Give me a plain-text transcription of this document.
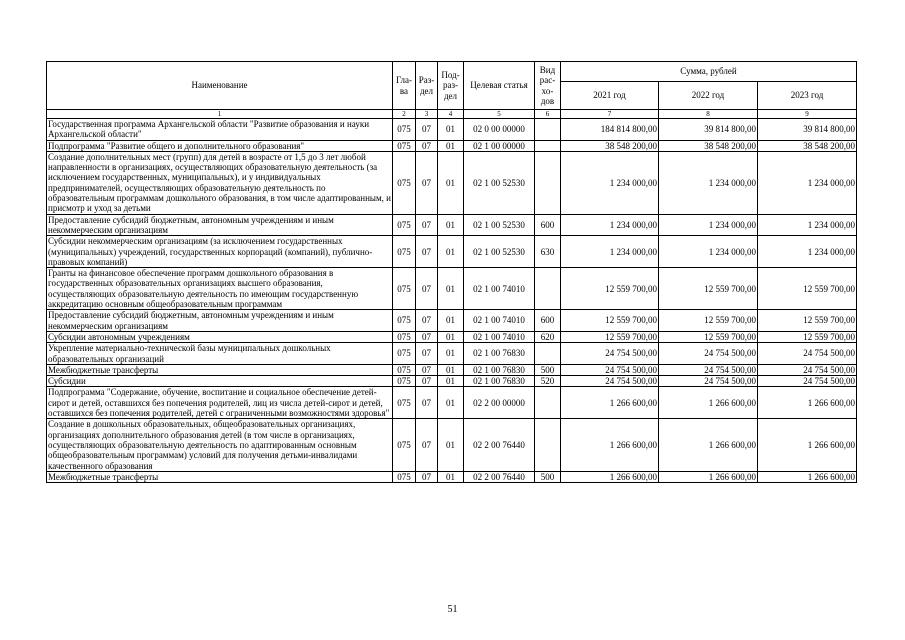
Наименование	Гла-ва	Раз-дел	Под-раз-дел	Целевая статья	Вид рас-хо-дов	Сумма, рублей		
						2021 год	2022 год	2023 год
1	2	3	4	5	6	7	8	9
Государственная программа Архангельской области "Развитие образования и науки Архангельской области"	075	07	01	02 0 00 00000		184 814 800,00	39 814 800,00	39 814 800,00
Подпрограмма "Развитие общего и дополнительного образования"	075	07	01	02 1 00 00000		38 548 200,00	38 548 200,00	38 548 200,00
Создание дополнительных мест (групп) для детей в возрасте от 1,5 до 3 лет любой направленности в организациях, осуществляющих образовательную деятельность (за исключением государственных, муниципальных), и у индивидуальных предпринимателей, осуществляющих образовательную деятельность по образовательным программам дошкольного образования, в том числе адаптированным, и присмотр и уход за детьми	075	07	01	02 1 00 52530		1 234 000,00	1 234 000,00	1 234 000,00
Предоставление субсидий бюджетным, автономным учреждениям и иным некоммерческим организациям	075	07	01	02 1 00 52530	600	1 234 000,00	1 234 000,00	1 234 000,00
Субсидии некоммерческим организациям (за исключением государственных (муниципальных) учреждений, государственных корпораций (компаний), публично-правовых компаний)	075	07	01	02 1 00 52530	630	1 234 000,00	1 234 000,00	1 234 000,00
Гранты на финансовое обеспечение программ дошкольного образования в государственных образовательных организациях высшего образования, осуществляющих образовательную деятельность по имеющим государственную аккредитацию основным общеобразовательным программам	075	07	01	02 1 00 74010		12 559 700,00	12 559 700,00	12 559 700,00
Предоставление субсидий бюджетным, автономным учреждениям и иным некоммерческим организациям	075	07	01	02 1 00 74010	600	12 559 700,00	12 559 700,00	12 559 700,00
Субсидии автономным учреждениям	075	07	01	02 1 00 74010	620	12 559 700,00	12 559 700,00	12 559 700,00
Укрепление материально-технической базы муниципальных дошкольных образовательных организаций	075	07	01	02 1 00 76830		24 754 500,00	24 754 500,00	24 754 500,00
Межбюджетные трансферты	075	07	01	02 1 00 76830	500	24 754 500,00	24 754 500,00	24 754 500,00
Субсидии	075	07	01	02 1 00 76830	520	24 754 500,00	24 754 500,00	24 754 500,00
Подпрограмма "Содержание, обучение, воспитание и социальное обеспечение детей-сирот и детей, оставшихся без попечения родителей, лиц из числа детей-сирот и детей, оставшихся без попечения родителей, детей с ограниченными возможностями здоровья"	075	07	01	02 2 00 00000		1 266 600,00	1 266 600,00	1 266 600,00
Создание в дошкольных образовательных, общеобразовательных организациях, организациях дополнительного образования детей (в том числе в организациях, осуществляющих образовательную деятельность по адаптированным основным общеобразовательным программам) условий для получения детьми-инвалидами качественного образования	075	07	01	02 2 00 76440		1 266 600,00	1 266 600,00	1 266 600,00
Межбюджетные трансферты	075	07	01	02 2 00 76440	500	1 266 600,00	1 266 600,00	1 266 600,00
51
